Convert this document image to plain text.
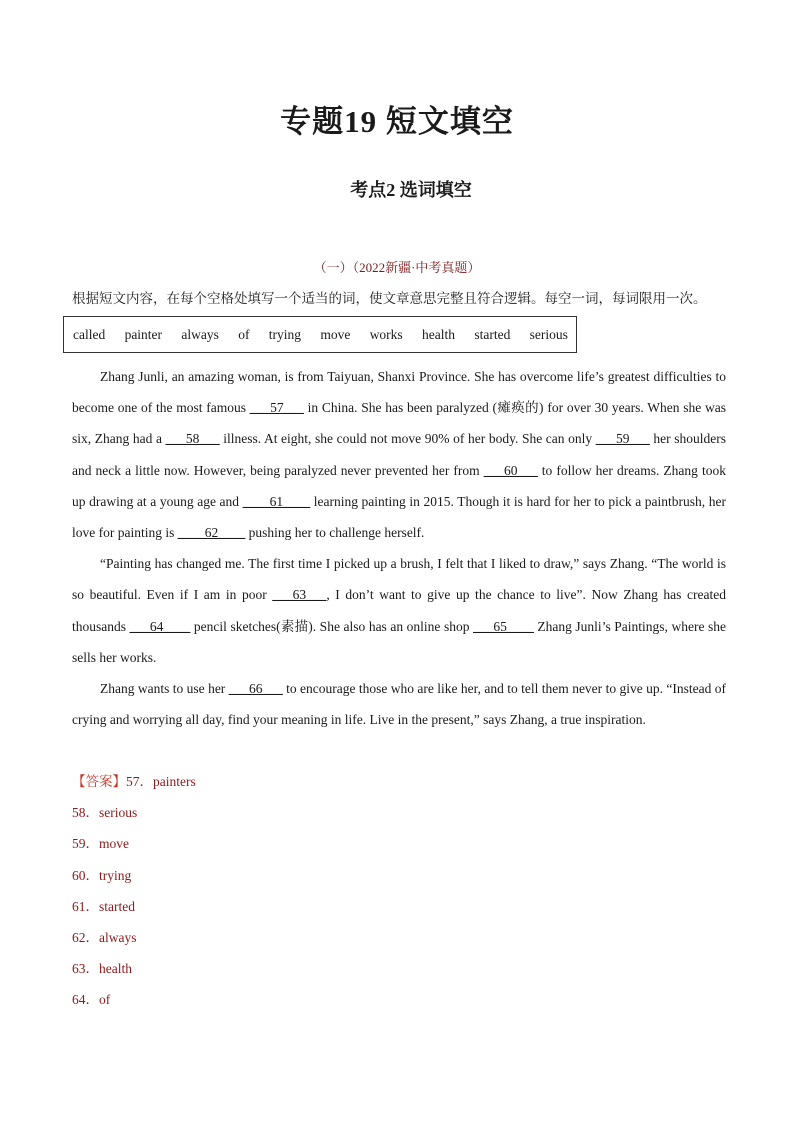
专题19 短文填空
考点2 选词填空
（一）（2022新疆·中考真题）
根据短文内容，在每个空格处填写一个适当的词，使文章意思完整且符合逻辑。每空一词，每词限用一次。
called painter always of trying move works health started serious

Zhang Junli, an amazing woman, is from Taiyuan, Shanxi Province. She has overcome life’s greatest difficulties to become one of the most famous ___57___ in China. She has been paralyzed (瘫痪的) for over 30 years. When she was six, Zhang had a ___58___ illness. At eight, she could not move 90% of her body. She can only ___59___ her shoulders and neck a little now. However, being paralyzed never prevented her from ___60___ to follow her dreams. Zhang took up drawing at a young age and ____61____ learning painting in 2015. Though it is hard for her to pick a paintbrush, her love for painting is ____62____ pushing her to challenge herself.

“Painting has changed me. The first time I picked up a brush, I felt that I liked to draw,” says Zhang. “The world is so beautiful. Even if I am in poor ___63___, I don’t want to give up the chance to live”. Now Zhang has created thousands ___64____ pencil sketches(素描). She also has an online shop ___65____ Zhang Junli’s Paintings, where she sells her works.

Zhang wants to use her ___66___ to encourage those who are like her, and to tell them never to give up. “Instead of crying and worrying all day, find your meaning in life. Live in the present,” says Zhang, a true inspiration.

【答案】57．painters
58．serious
59．move
60．trying
61．started
62．always
63．health
64．of
